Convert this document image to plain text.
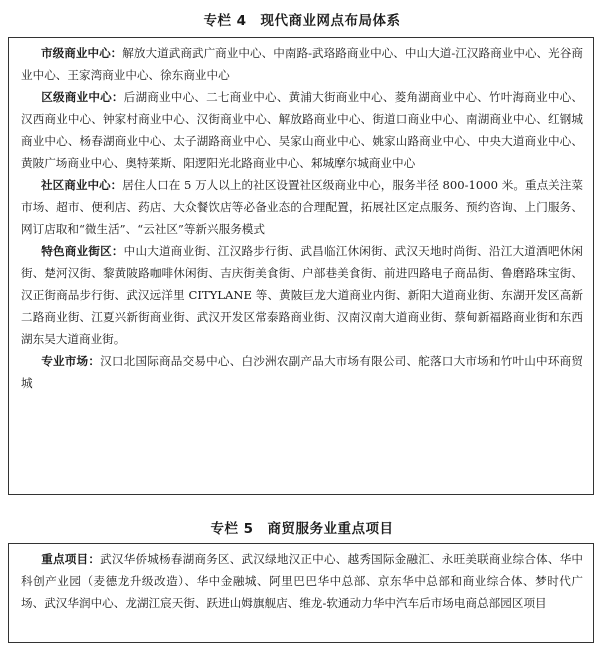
专栏 4 现代商业网点布局体系

市级商业中心：解放大道武商武广商业中心、中南路-武珞路商业中心、中山大道-江汉路商业中心、光谷商业中心、王家湾商业中心、徐东商业中心

区级商业中心：后湖商业中心、二七商业中心、黄浦大街商业中心、菱角湖商业中心、竹叶海商业中心、汉西商业中心、钟家村商业中心、汉街商业中心、解放路商业中心、街道口商业中心、南湖商业中心、红钢城商业中心、杨春湖商业中心、太子湖路商业中心、吴家山商业中心、姚家山路商业中心、中央大道商业中心、黄陂广场商业中心、奥特莱斯、阳逻阳光北路商业中心、邾城摩尔城商业中心

社区商业中心：居住人口在 5 万人以上的社区设置社区级商业中心，服务半径 800-1000 米。重点关注菜市场、超市、便利店、药店、大众餐饮店等必备业态的合理配置，拓展社区定点服务、预约咨询、上门服务、网订店取和“微生活”、“云社区”等新兴服务模式

特色商业街区：中山大道商业街、江汉路步行街、武昌临江休闲街、武汉天地时尚街、沿江大道酒吧休闲街、楚河汉街、黎黄陂路咖啡休闲街、吉庆街美食街、户部巷美食街、前进四路电子商品街、鲁磨路珠宝街、汉正街商品步行街、武汉远洋里 CITYLANE 等、黄陂巨龙大道商业内街、新阳大道商业街、东湖开发区高新二路商业街、江夏兴新街商业街、武汉开发区常泰路商业街、汉南汉南大道商业街、蔡甸新福路商业街和东西湖东吴大道商业街。

专业市场：汉口北国际商品交易中心、白沙洲农副产品大市场有限公司、舵落口大市场和竹叶山中环商贸城

专栏 5 商贸服务业重点项目

重点项目：武汉华侨城杨春湖商务区、武汉绿地汉正中心、越秀国际金融汇、永旺美联商业综合体、华中科创产业园（麦德龙升级改造）、华中金融城、阿里巴巴华中总部、京东华中总部和商业综合体、梦时代广场、武汉华润中心、龙湖江宸天街、跃进山姆旗舰店、维龙-软通动力华中汽车后市场电商总部园区项目
